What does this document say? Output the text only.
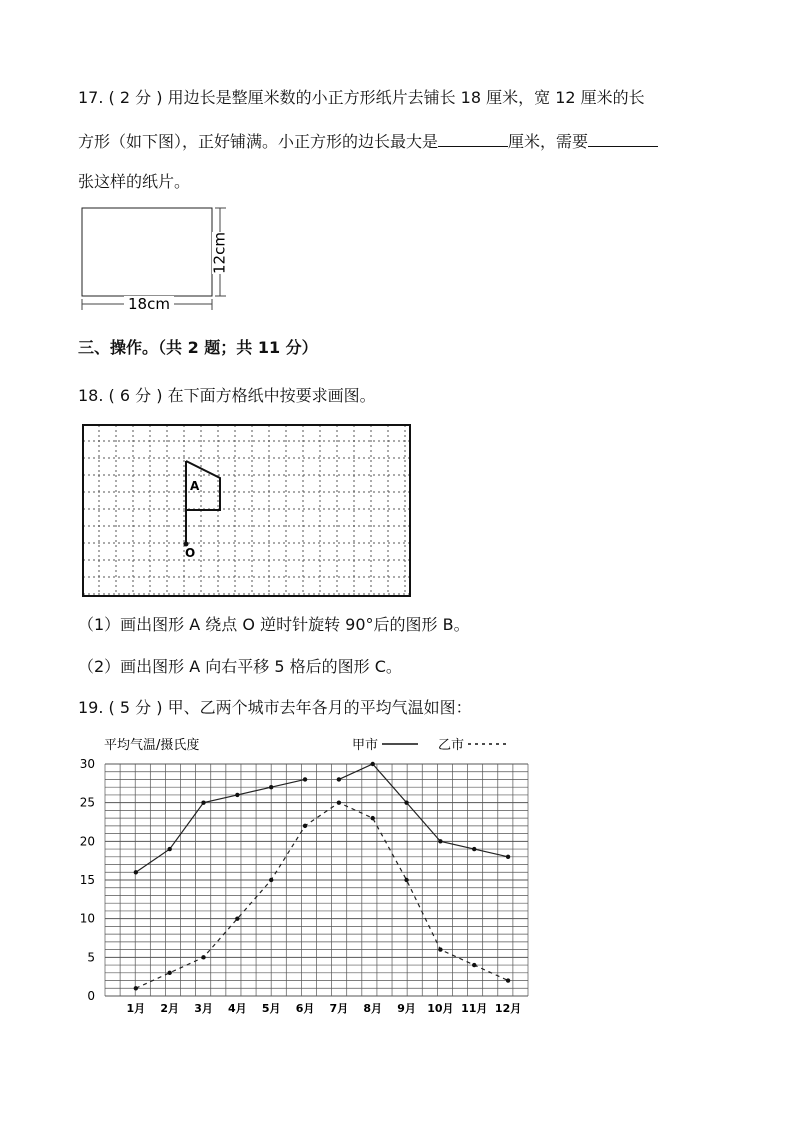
17. ( 2 分 ) 用边长是整厘米数的小正方形纸片去铺长 18 厘米，宽 12 厘米的长
方形（如下图），正好铺满。小正方形的边长最大是	厘米，需要
张这样的纸片。
12cm
18cm
三、操作。（共 2 题；共 11 分）
18. ( 6 分 ) 在下面方格纸中按要求画图。
A
O
（1）画出图形 A 绕点 O 逆时针旋转 90°后的图形 B。
（2）画出图形 A 向右平移 5 格后的图形 C。
19. ( 5 分 ) 甲、乙两个城市去年各月的平均气温如图：
平均气温/摄氏度	甲市	乙市
0
5
10
15
20
25
30
1月 2月 3月 4月 5月 6月 7月 8月 9月 10月 11月 12月
